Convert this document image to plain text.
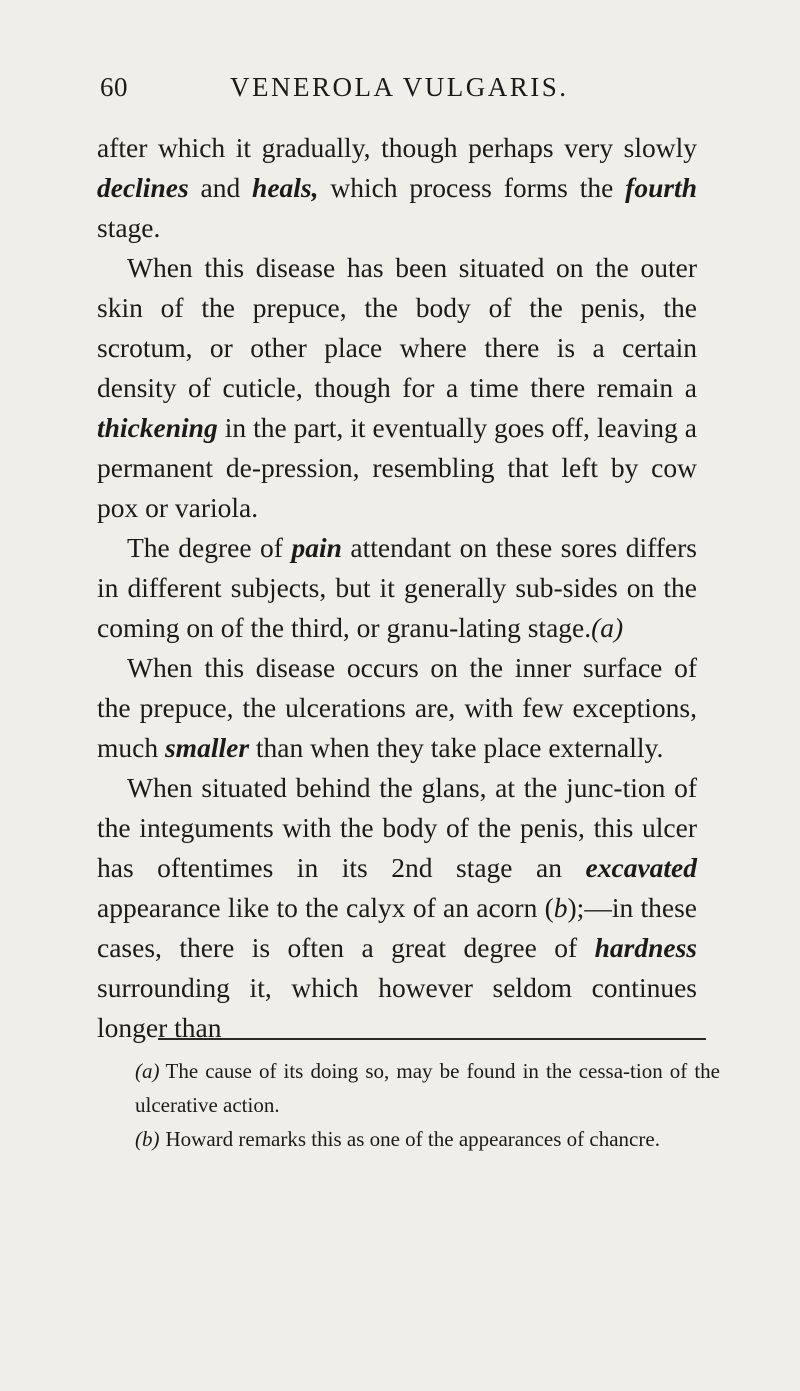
60	VENEROLA VULGARIS.

after which it gradually, though perhaps very slowly declines and heals, which process forms the fourth stage.

When this disease has been situated on the outer skin of the prepuce, the body of the penis, the scrotum, or other place where there is a certain density of cuticle, though for a time there remain a thickening in the part, it eventually goes off, leaving a permanent de-pression, resembling that left by cow pox or variola.

The degree of pain attendant on these sores differs in different subjects, but it generally sub-sides on the coming on of the third, or granu-lating stage.(a)

When this disease occurs on the inner surface of the prepuce, the ulcerations are, with few exceptions, much smaller than when they take place externally.

When situated behind the glans, at the junc-tion of the integuments with the body of the penis, this ulcer has oftentimes in its 2nd stage an excavated appearance like to the calyx of an acorn (b);—in these cases, there is often a great degree of hardness surrounding it, which however seldom continues longer than

(a) The cause of its doing so, may be found in the cessa-tion of the ulcerative action.

(b) Howard remarks this as one of the appearances of chancre.
